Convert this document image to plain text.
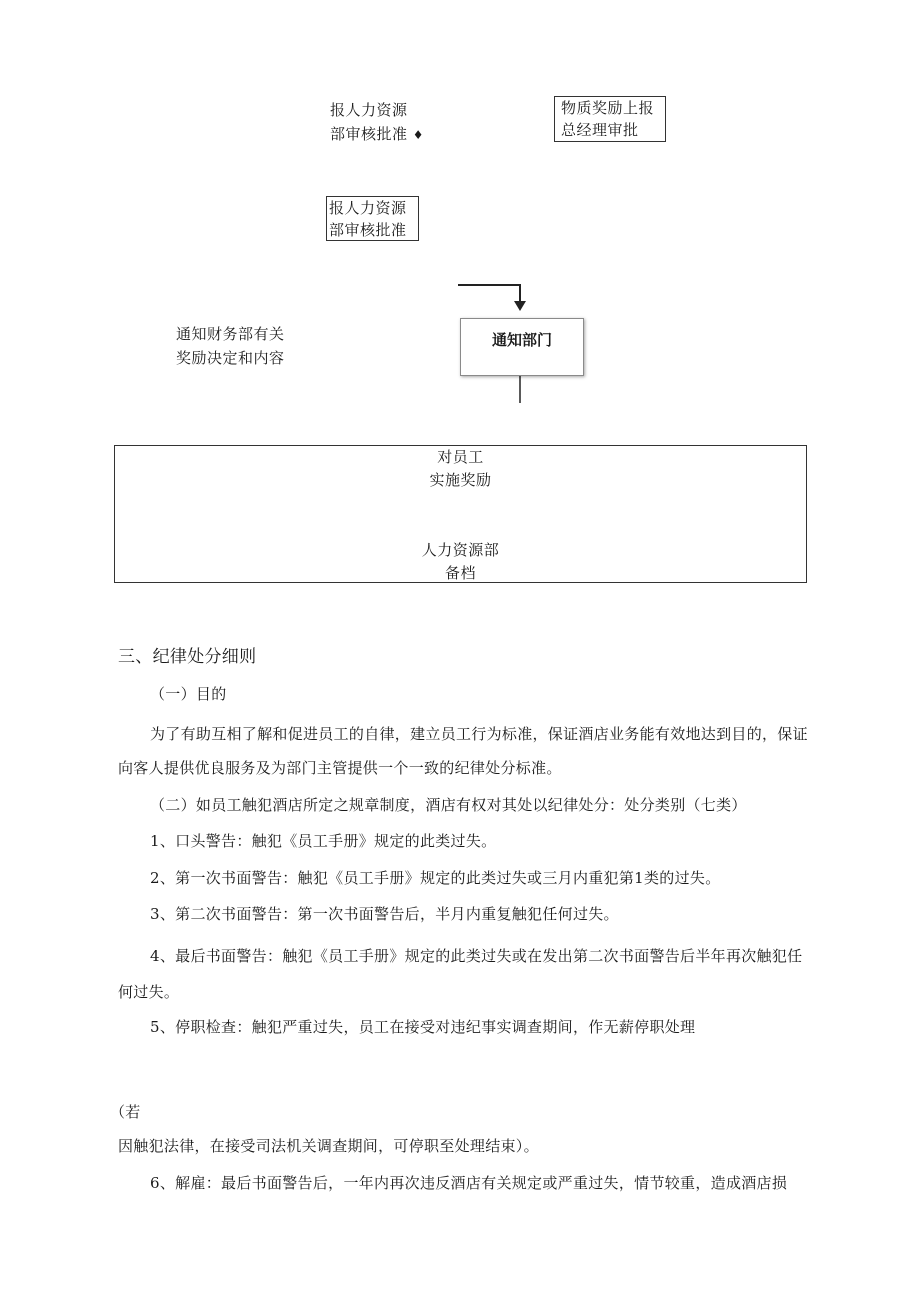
报人力资源
部审核批准 ♦
物质奖励上报
总经理审批
报人力资源
部审核批准
通知财务部有关
奖励决定和内容
通知部门
对员工
实施奖励
人力资源部
备档
三、纪律处分细则
（一）目的
为了有助互相了解和促进员工的自律，建立员工行为标准，保证酒店业务能有效地达到目的，保证向客人提供优良服务及为部门主管提供一个一致的纪律处分标准。
（二）如员工触犯酒店所定之规章制度，酒店有权对其处以纪律处分：处分类别（七类）
1、口头警告：触犯《员工手册》规定的此类过失。
2、第一次书面警告：触犯《员工手册》规定的此类过失或三月内重犯第1类的过失。
3、第二次书面警告：第一次书面警告后，半月内重复触犯任何过失。
4、最后书面警告：触犯《员工手册》规定的此类过失或在发出第二次书面警告后半年再次触犯任何过失。
5、停职检查：触犯严重过失，员工在接受对违纪事实调查期间，作无薪停职处理
（若
因触犯法律，在接受司法机关调查期间，可停职至处理结束）。
6、解雇：最后书面警告后，一年内再次违反酒店有关规定或严重过失，情节较重，造成酒店损
